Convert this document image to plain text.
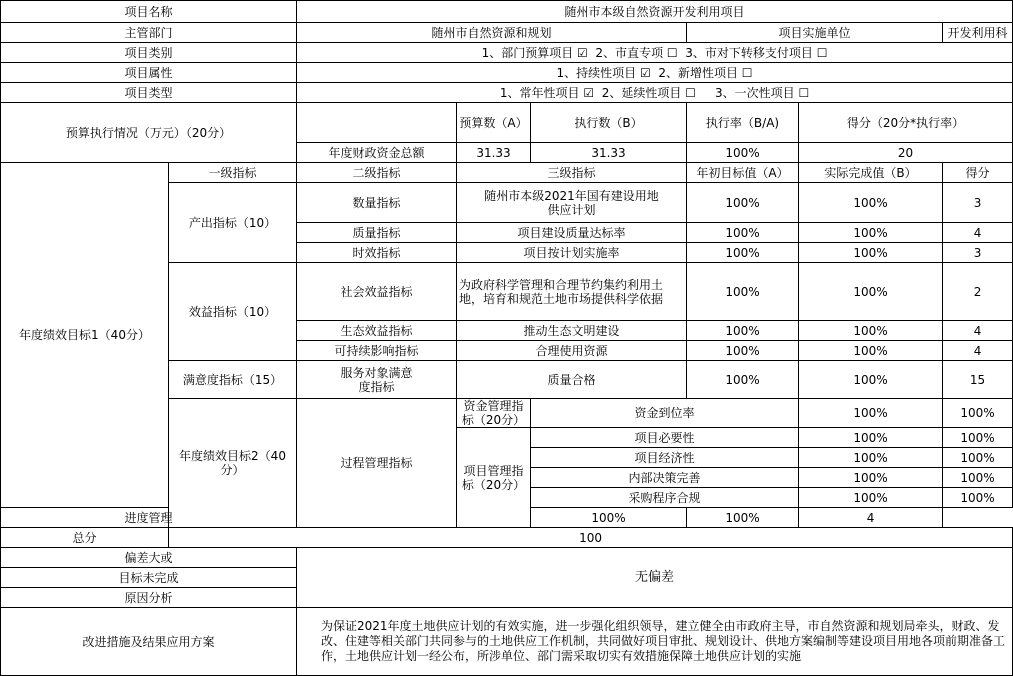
项目名称		随州市本级自然资源开发利用项目						
主管部门		随州市自然资源和规划			项目实施单位		开发利用科	
项目类别		1、部门预算项目 ☑  2、市直专项 ☐  3、市对下转移支付项目 ☐						
项目属性		1、持续性项目 ☑  2、新增性项目 ☐						
项目类型		1、常年性项目 ☑  2、延续性项目 ☐     3、一次性项目 ☐						
预算执行情况（万元）（20分）			预算数（A）	执行数（B）	执行率（B/A)	得分（20分*执行率）		
		年度财政资金总额	31.33	31.33	100%	20		
年度绩效目标1（40分）	一级指标	二级指标	三级指标		年初目标值（A）	实际完成值（B）	得分	
	产出指标（10）	数量指标	随州市本级2021年国有建设用地供应计划		100%	100%	3	
		质量指标	项目建设质量达标率		100%	100%	4	
		时效指标	项目按计划实施率		100%	100%	3	
	效益指标（10）	社会效益指标	为政府科学管理和合理节约集约利用土地，培育和规范土地市场提供科学依据		100%	100%	2	
		生态效益指标	推动生态文明建设		100%	100%	4	
		可持续影响指标	合理使用资源		100%	100%	4	
	满意度指标（15）	服务对象满意度指标	质量合格		100%	100%	15	
	年度绩效目标2（40分）	过程管理指标	资金管理指标（20分）	资金到位率		100%	100%	
			项目管理指标（20分）	项目必要性		100%	100%	
				项目经济性		100%	100%	
				内部决策完善		100%	100%	
				采购程序合规		100%	100%	
进度管理				100%	100%	4		
总分	100							
偏差大或		无偏差						
目标未完成								
原因分析								
改进措施及结果应用方案		为保证2021年度土地供应计划的有效实施，进一步强化组织领导，建立健全由市政府主导，市自然资源和规划局牵头，财政、发改、住建等相关部门共同参与的土地供应工作机制，共同做好项目审批、规划设计、供地方案编制等建设项目用地各项前期准备工作，土地供应计划一经公布，所涉单位、部门需采取切实有效措施保障土地供应计划的实施						
